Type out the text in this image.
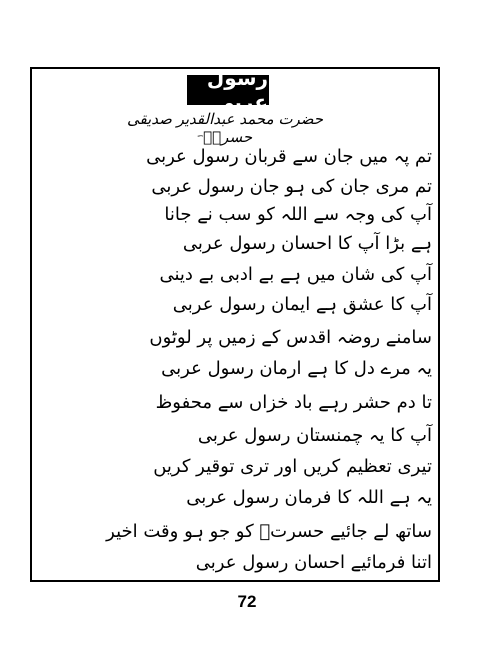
رسول عربی
حضرت محمد عبدالقدیر صدیقی حسرتؒ؁
تم پہ میں جان سے قربان رسول عربی
تم مری جان کی ہو جان رسول عربی
آپ کی وجہ سے اللہ کو سب نے جانا
ہے بڑا آپ کا احسان رسول عربی
آپ کی شان میں ہے بے ادبی بے دینی
آپ کا عشق ہے ایمان رسول عربی
سامنے روضہ اقدس کے زمیں پر لوٹوں
یہ مرے دل کا ہے ارمان رسول عربی
تا دم حشر رہے باد خزاں سے محفوظ
آپ کا یہ چمنستان رسول عربی
تیری تعظیم کریں اور تری توقیر کریں
یہ ہے اللہ کا فرمان رسول عربی
ساتھ لے جائیے حسرتؔ کو جو ہو وقت اخیر
اتنا فرمائیے احسان رسول عربی
72
